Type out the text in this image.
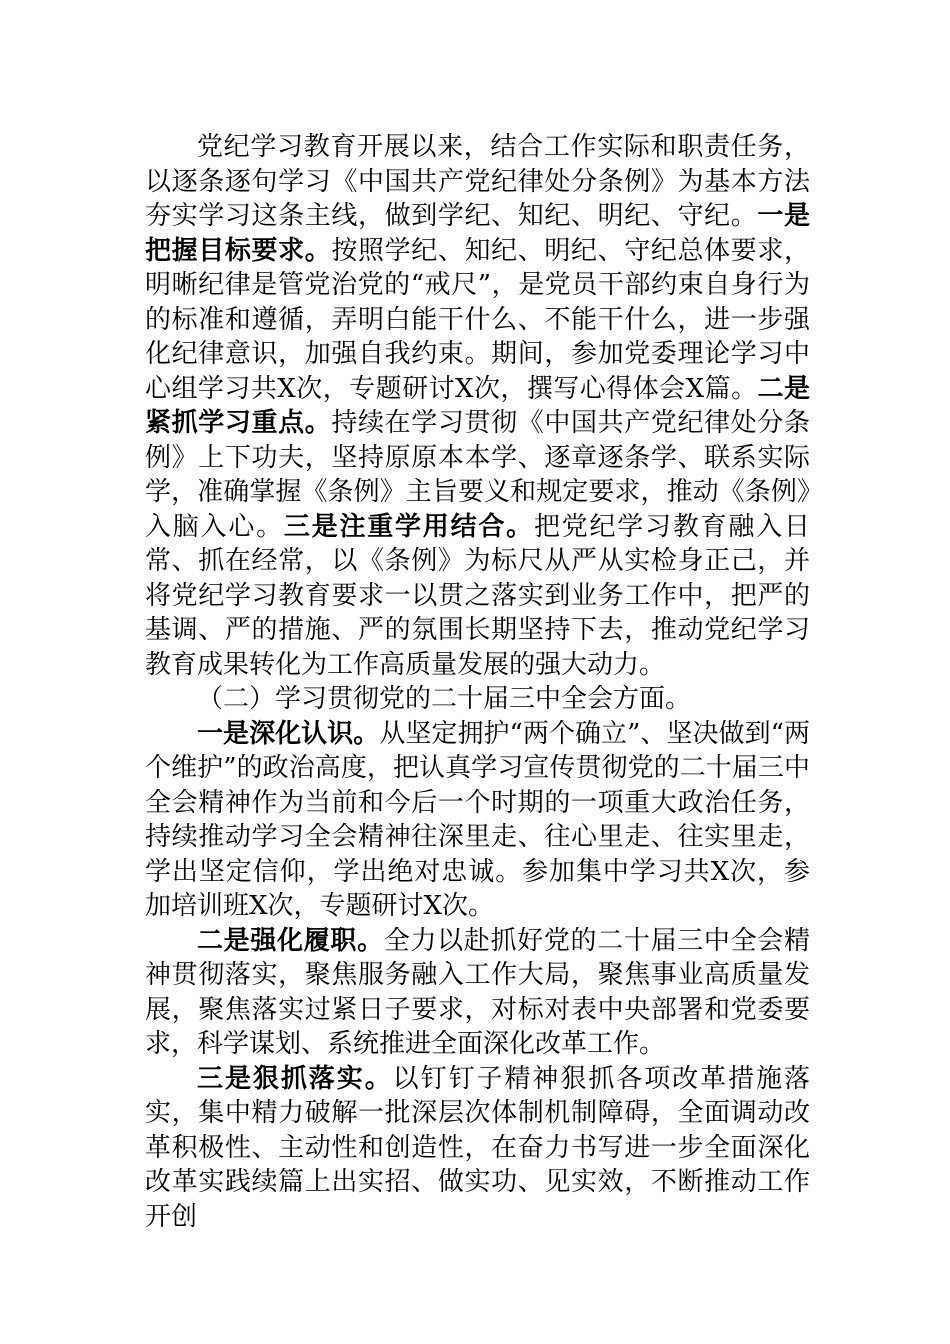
党纪学习教育开展以来，结合工作实际和职责任务，以逐条逐句学习《中国共产党纪律处分条例》为基本方法夯实学习这条主线，做到学纪、知纪、明纪、守纪。一是把握目标要求。按照学纪、知纪、明纪、守纪总体要求，明晰纪律是管党治党的“戒尺”，是党员干部约束自身行为的标准和遵循，弄明白能干什么、不能干什么，进一步强化纪律意识，加强自我约束。期间，参加党委理论学习中心组学习共X次，专题研讨X次，撰写心得体会X篇。二是紧抓学习重点。持续在学习贯彻《中国共产党纪律处分条例》上下功夫，坚持原原本本学、逐章逐条学、联系实际学，准确掌握《条例》主旨要义和规定要求，推动《条例》入脑入心。三是注重学用结合。把党纪学习教育融入日常、抓在经常，以《条例》为标尺从严从实检身正己，并将党纪学习教育要求一以贯之落实到业务工作中，把严的基调、严的措施、严的氛围长期坚持下去，推动党纪学习教育成果转化为工作高质量发展的强大动力。

（二）学习贯彻党的二十届三中全会方面。

一是深化认识。从坚定拥护“两个确立”、坚决做到“两个维护”的政治高度，把认真学习宣传贯彻党的二十届三中全会精神作为当前和今后一个时期的一项重大政治任务，持续推动学习全会精神往深里走、往心里走、往实里走，学出坚定信仰，学出绝对忠诚。参加集中学习共X次，参加培训班X次，专题研讨X次。

二是强化履职。全力以赴抓好党的二十届三中全会精神贯彻落实，聚焦服务融入工作大局，聚焦事业高质量发展，聚焦落实过紧日子要求，对标对表中央部署和党委要求，科学谋划、系统推进全面深化改革工作。

三是狠抓落实。以钉钉子精神狠抓各项改革措施落实，集中精力破解一批深层次体制机制障碍，全面调动改革积极性、主动性和创造性，在奋力书写进一步全面深化改革实践续篇上出实招、做实功、见实效，不断推动工作开创
